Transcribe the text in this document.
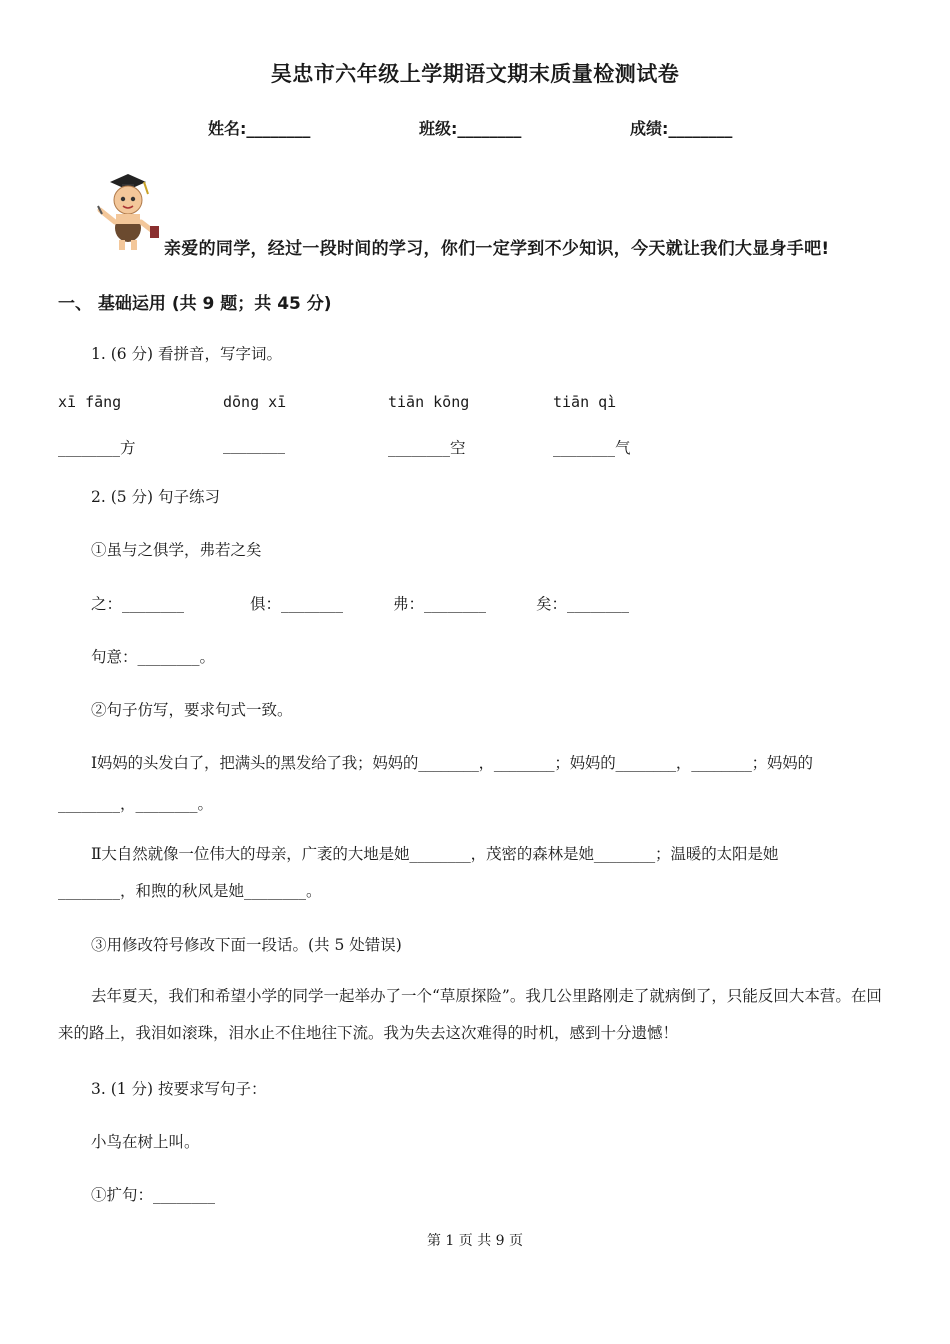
吴忠市六年级上学期语文期末质量检测试卷
姓名:________	班级:________	成绩:________
亲爱的同学，经过一段时间的学习，你们一定学到不少知识，今天就让我们大显身手吧!
一、 基础运用 (共 9 题；共 45 分)
1. (6 分) 看拼音，写字词。
xī fāng	dōng xī	tiān kōng	tiān qì
________方	________	________空	________气
2. (5 分) 句子练习
①虽与之俱学，弗若之矣
之：________	俱：________	弗：________	矣：________
句意：________。
②句子仿写，要求句式一致。
Ⅰ妈妈的头发白了，把满头的黑发给了我；妈妈的________，________；妈妈的________，________；妈妈的
________，________。
Ⅱ大自然就像一位伟大的母亲，广袤的大地是她________，茂密的森林是她________；温暖的太阳是她
________，和煦的秋风是她________。
③用修改符号修改下面一段话。(共 5 处错误)
去年夏天，我们和希望小学的同学一起举办了一个“草原探险”。我几公里路刚走了就病倒了，只能反回大本营。在回来的路上，我泪如滚珠，泪水止不住地往下流。我为失去这次难得的时机，感到十分遗憾！
3. (1 分) 按要求写句子：
小鸟在树上叫。
①扩句：________
第 1 页 共 9 页
